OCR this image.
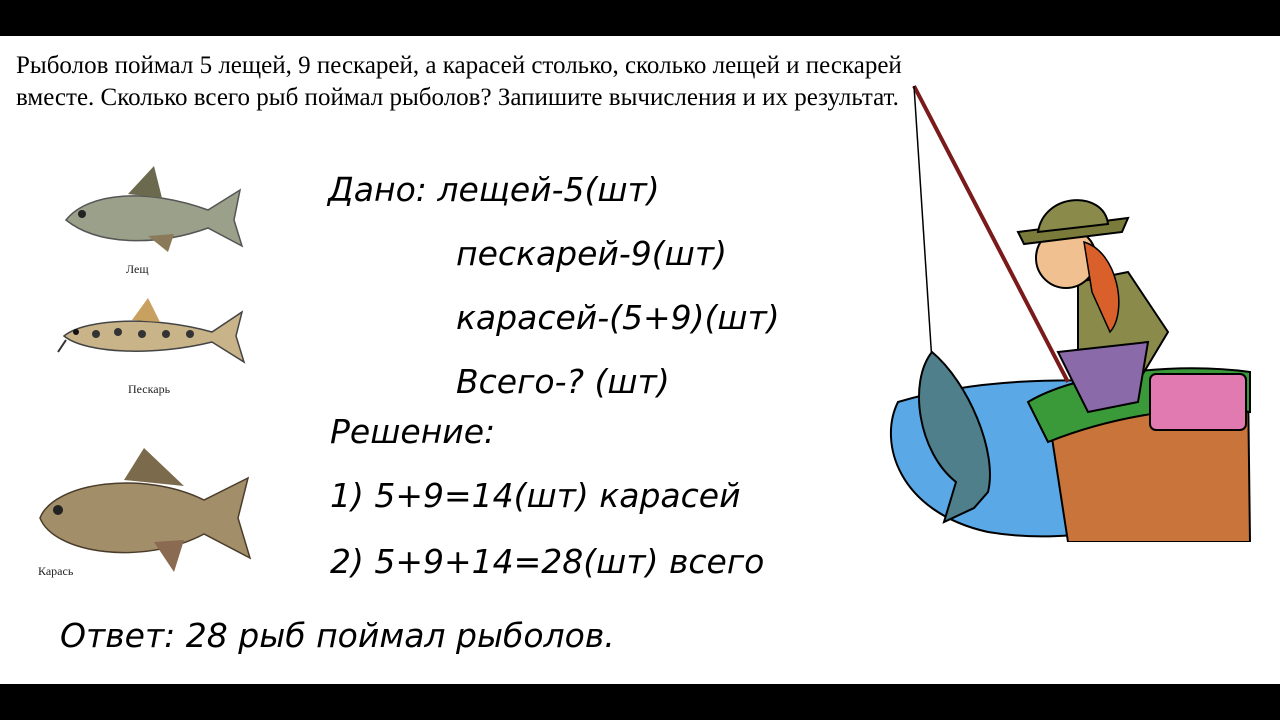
Рыболов поймал 5 лещей, 9 пескарей, а карасей столько, сколько лещей и пескарей вместе. Сколько всего рыб поймал рыболов? Запишите вычисления и их результат.

Лещ
Пескарь
Карась

Дано: лещей-5(шт)

пескарей-9(шт)

карасей-(5+9)(шт)

Всего-? (шт)

Решение:

1) 5+9=14(шт) карасей

2) 5+9+14=28(шт) всего

Ответ: 28 рыб поймал рыболов.
